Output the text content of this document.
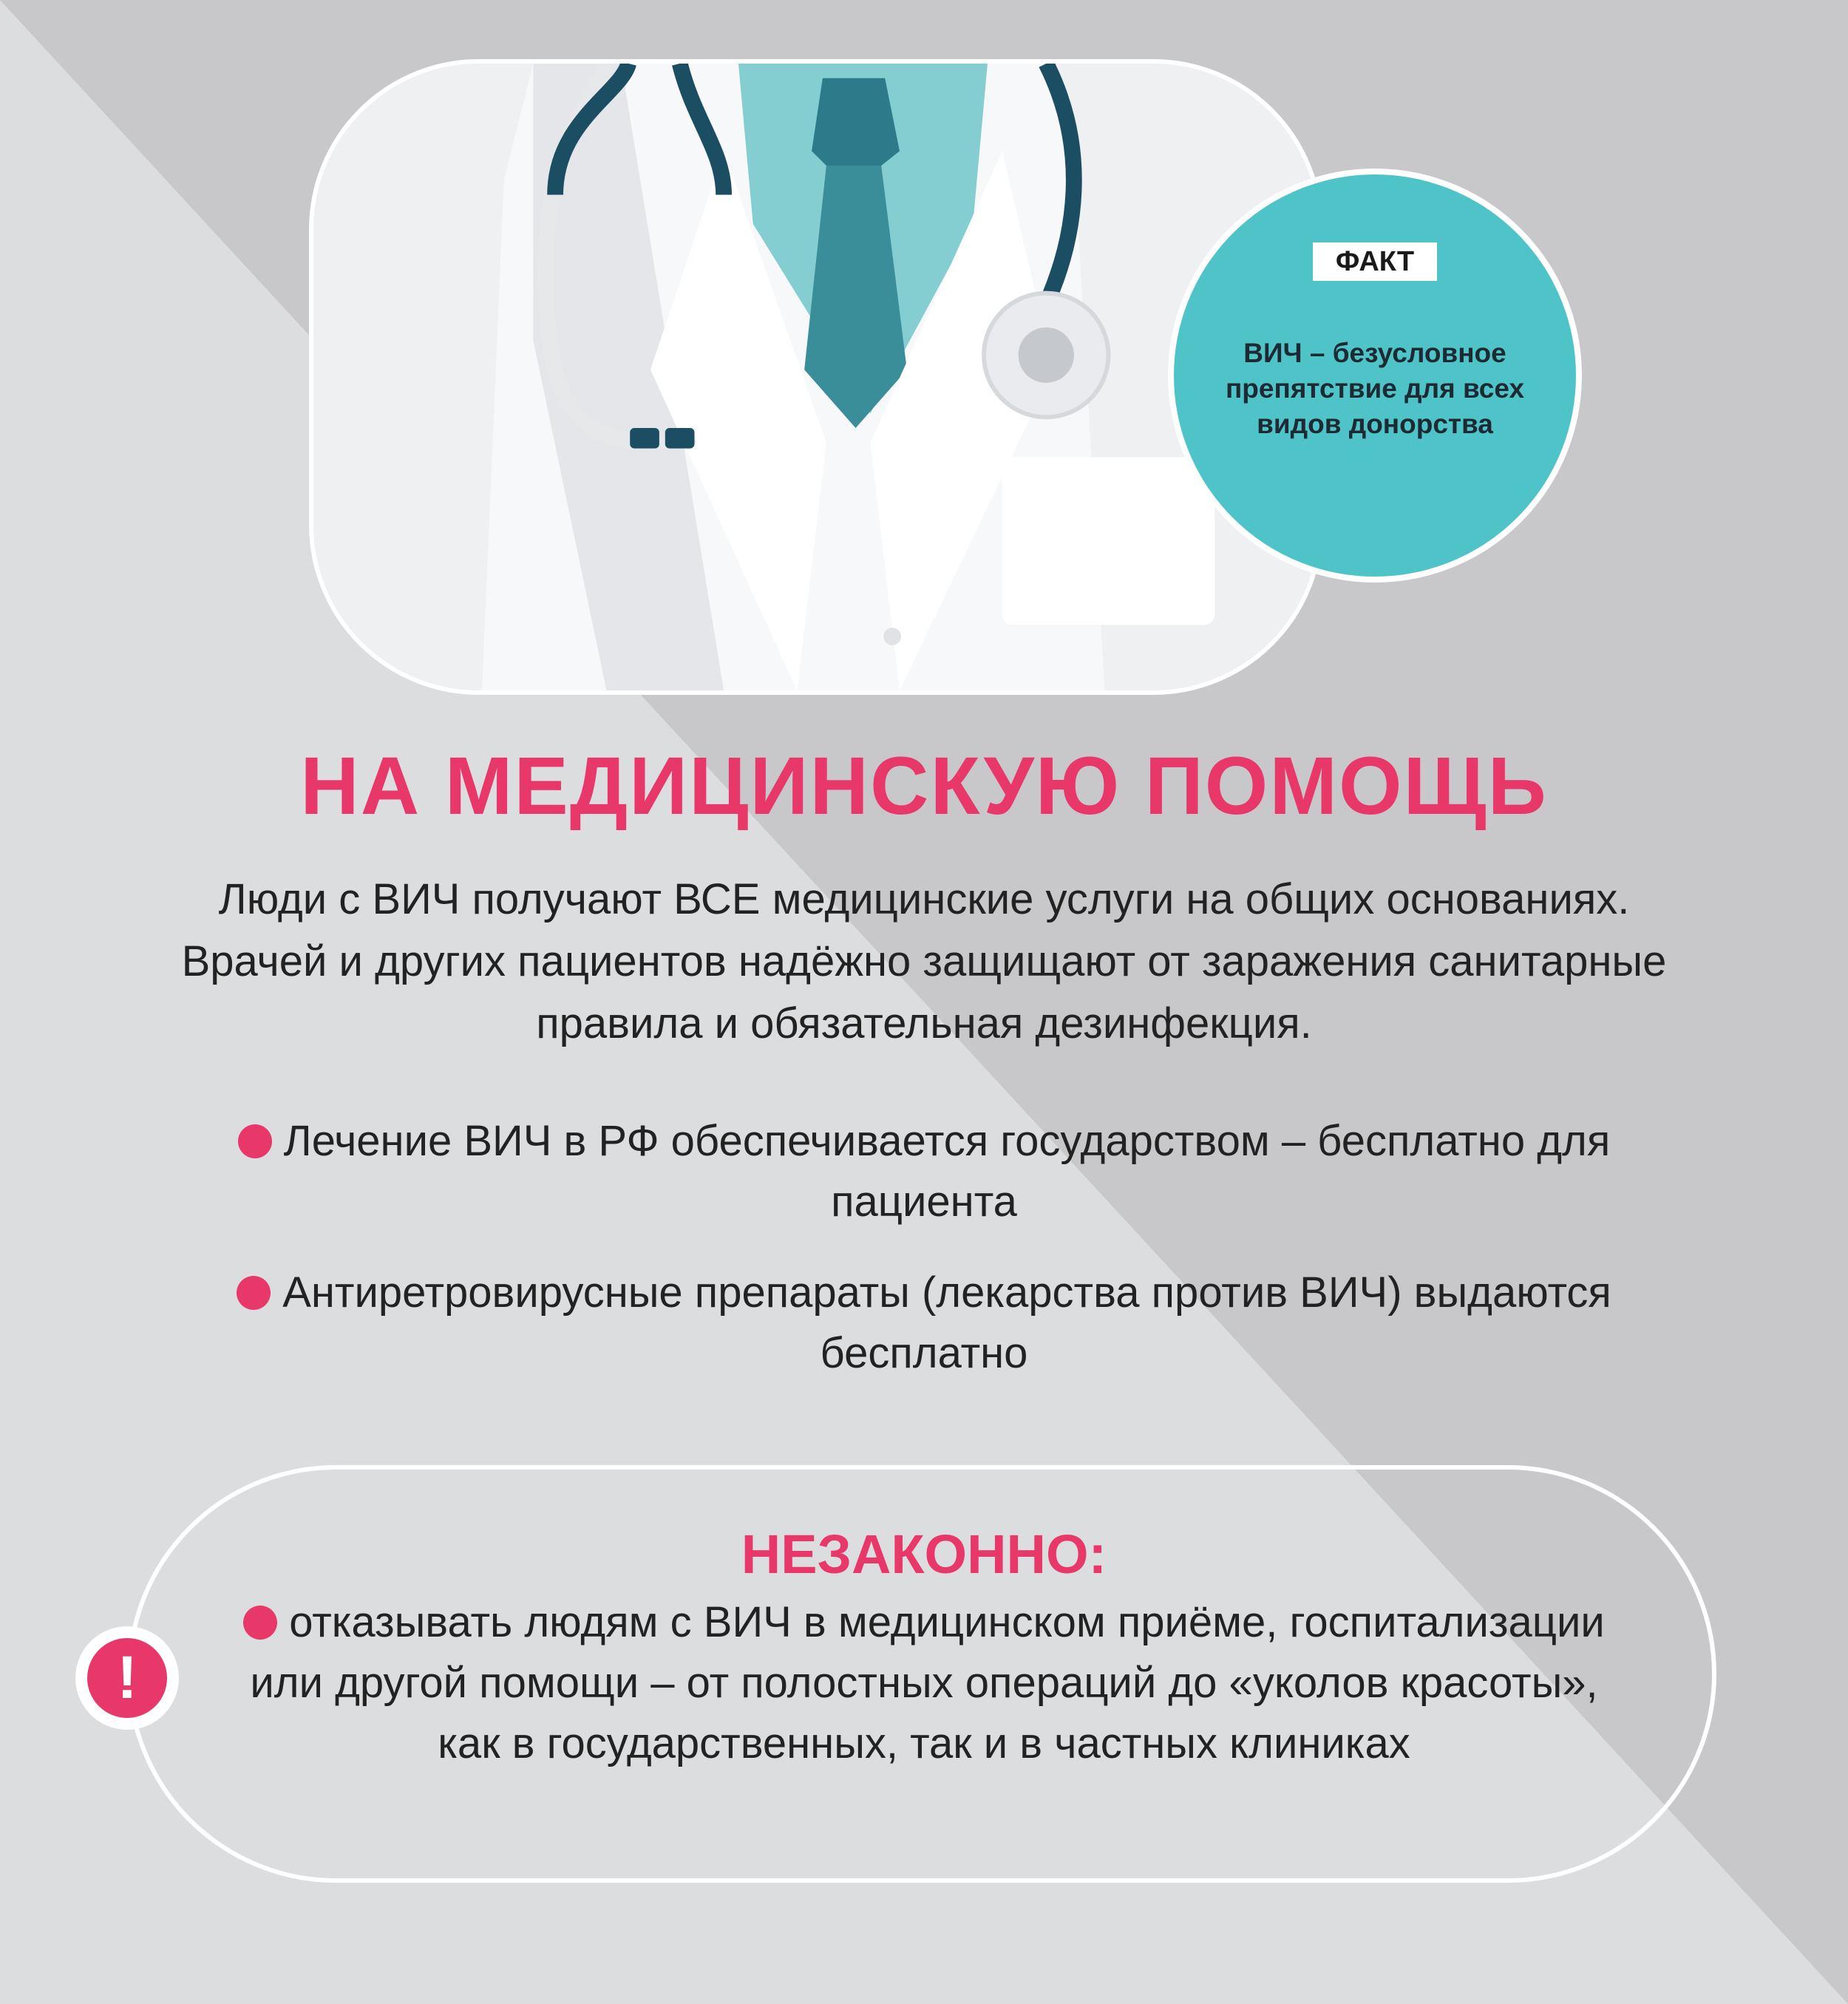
ФАКТ
ВИЧ – безусловное препятствие для всех видов донорства
НА МЕДИЦИНСКУЮ ПОМОЩЬ
Люди с ВИЧ получают ВСЕ медицинские услуги на общих основаниях. Врачей и других пациентов надёжно защищают от заражения санитарные правила и обязательная дезинфекция.
Лечение ВИЧ в РФ обеспечивается государством – бесплатно для пациента
Антиретровирусные препараты (лекарства против ВИЧ) выдаются бесплатно
!
НЕЗАКОННО:
отказывать людям с ВИЧ в медицинском приёме, госпитализации или другой помощи – от полостных операций до «уколов красоты», как в государственных, так и в частных клиниках
